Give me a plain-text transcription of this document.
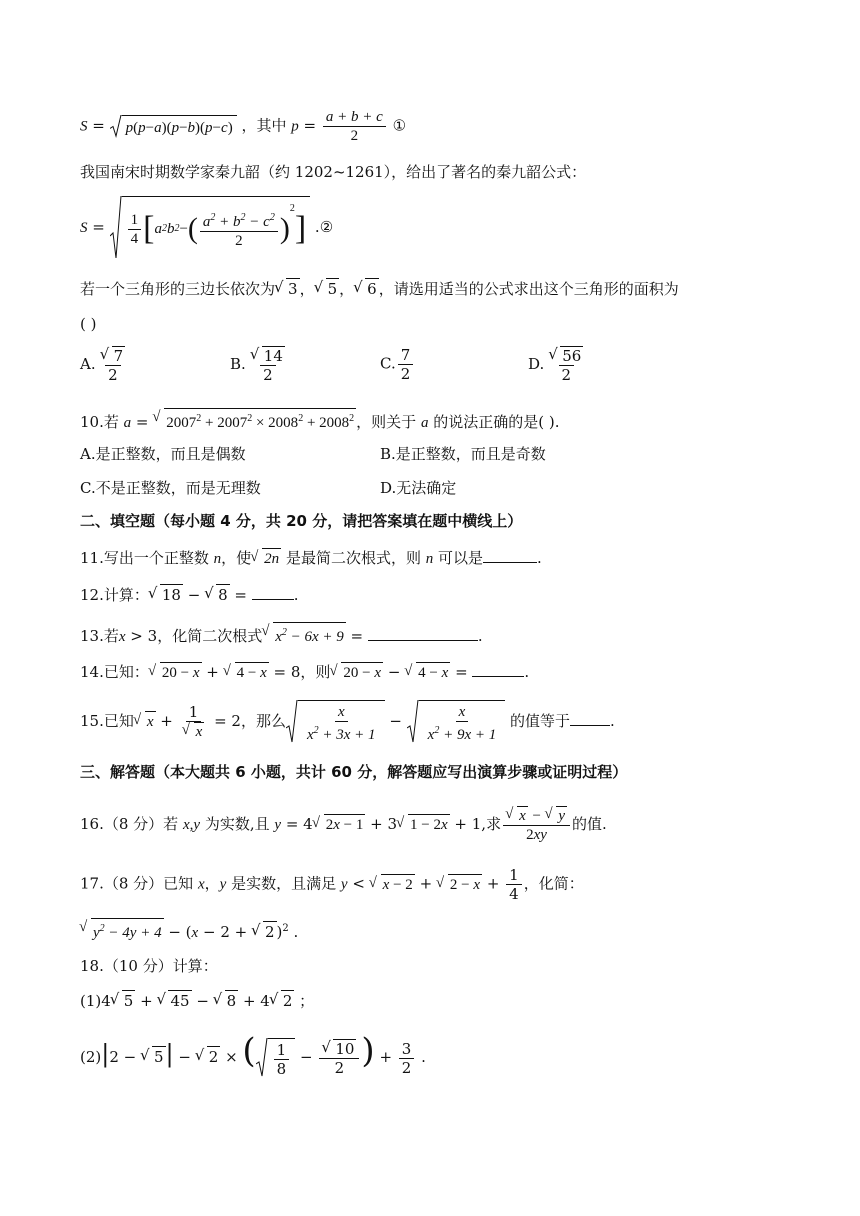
S = p ( p − a )( p − b )( p − c ) ，其中 $p = \frac{a + b + c}{2}$ ①
我国南宋时期数学家秦九韶（约 1202~1261），给出了著名的秦九韶公式：
$S = \frac{1}{4}$ [ a 2 b 2 − ( $\frac{a^2 + b^2 - c^2}{2}$ )
2
] .②
若一个三角形的三边长依次为 √ 3 ， √ 5 ， √ 6 ，请选用适当的公式求出这个三角形的面积为
( )
A. √ $\frac{7}{2}$	B. √ $\frac{14}{2}$	C. $\frac{7}{2}$	D. √ $\frac{56}{2}$
10.若 a = √ $2007^2 + 2007^2 \times 2008^2 + 2008^2$ ，则关于 a 的说法正确的是( ).
A.是正整数，而且是偶数	B.是正整数，而且是奇数
C.不是正整数，而是无理数	D.无法确定
二、填空题（每小题 4 分，共 20 分，请把答案填在题中横线上）
11.写出一个正整数 n，使 √ 2n 是最简二次根式，则 n 可以是	.
12.计算： √ 18 − √ 8 =	.
13.若x > 3，化简二次根式 √ $x^2 - 6x + 9$ =	.
14.已知： √ 20 − x + √ 4 − x = 8，则 √ 20 − x − √ 4 − x =	.
15.已知 √ x + 1
√ x = 2，那么 $\frac{x}{x^2 + 3x + 1} - \frac{x}{x^2 + 9x + 1}$ 的值等于	.
三、解答题（本大题共 6 小题，共计 60 分，解答题应写出演算步骤或证明过程）
16.（8 分）若 x,y 为实数,且 y = 4 √ 2x − 1 + 3 √ 1 − 2x + 1,求 √ $\frac{x - √ y}{2xy}$ 的值.
17.（8 分）已知 x，y 是实数，且满足 y < √ x − 2 + √ $2 - x + \frac{1}{4}$ ，化简：
√ $y^2 - 4y + 4 - (x - 2$ + √ 2 )$^2$ .
18.（10 分）计算：
(1)4 √ 5 + √ 45 − √ 8 + 4 √ 2 ；
(2)|2 − √ 5| − √ 2 × ( $\frac{1}{8}$ − √ $\frac{10}{2}$ ) + $\frac{3}{2}$ .
